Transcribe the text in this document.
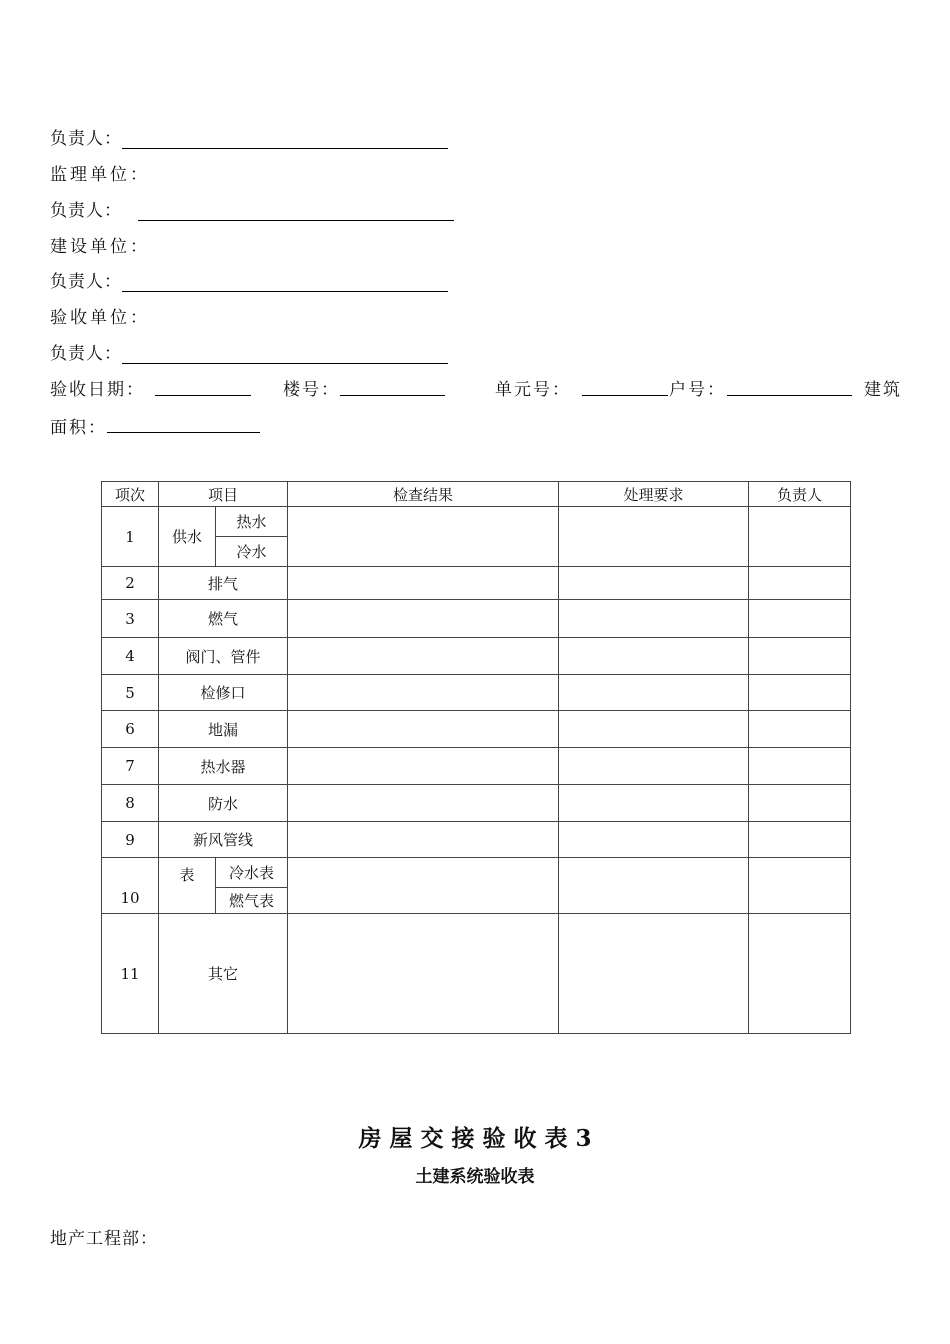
负责人：
监理单位：
负责人：
建设单位：
负责人：
验收单位：
负责人：
验收日期：	楼号：	单元号：	户号：	建筑
面积：
项次	项目		检查结果	处理要求	负责人
1	供水	热水			
		冷水			
2	排气				
3	燃气				
4	阀门、管件				
5	检修口				
6	地漏				
7	热水器				
8	防水				
9	新风管线				
10	表	冷水表			
		燃气表			
11	其它				
房 屋 交 接 验 收 表 3
土建系统验收表
地产工程部：
